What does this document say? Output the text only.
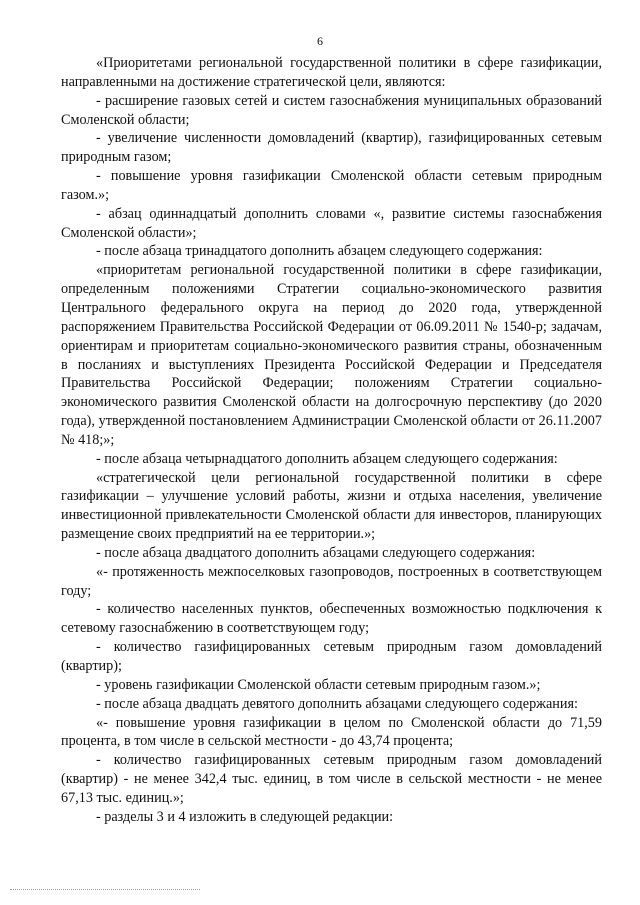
6

«Приоритетами региональной государственной политики в сфере газификации, направленными на достижение стратегической цели, являются:

- расширение газовых сетей и систем газоснабжения муниципальных образований Смоленской области;

- увеличение численности домовладений (квартир), газифицированных сетевым природным газом;

- повышение уровня газификации Смоленской области сетевым природным газом.»;

- абзац одиннадцатый дополнить словами «, развитие системы газоснабжения Смоленской области»;

- после абзаца тринадцатого дополнить абзацем следующего содержания:

«приоритетам региональной государственной политики в сфере газификации, определенным положениями Стратегии социально-экономического развития Центрального федерального округа на период до 2020 года, утвержденной распоряжением Правительства Российской Федерации от 06.09.2011 № 1540-р; задачам, ориентирам и приоритетам социально-экономического развития страны, обозначенным в посланиях и выступлениях Президента Российской Федерации и Председателя Правительства Российской Федерации; положениям Стратегии социально-экономического развития Смоленской области на долгосрочную перспективу (до 2020 года), утвержденной постановлением Администрации Смоленской области от 26.11.2007 № 418;»;

- после абзаца четырнадцатого дополнить абзацем следующего содержания:

«стратегической цели региональной государственной политики в сфере газификации – улучшение условий работы, жизни и отдыха населения, увеличение инвестиционной привлекательности Смоленской области для инвесторов, планирующих размещение своих предприятий на ее территории.»;

- после абзаца двадцатого дополнить абзацами следующего содержания:

«- протяженность межпоселковых газопроводов, построенных в соответствующем году;

- количество населенных пунктов, обеспеченных возможностью подключения к сетевому газоснабжению в соответствующем году;

- количество газифицированных сетевым природным газом домовладений (квартир);

- уровень газификации Смоленской области сетевым природным газом.»;

- после абзаца двадцать девятого дополнить абзацами следующего содержания:

«- повышение уровня газификации в целом по Смоленской области до 71,59 процента, в том числе в сельской местности - до 43,74 процента;

- количество газифицированных сетевым природным газом домовладений (квартир) - не менее 342,4 тыс. единиц, в том числе в сельской местности - не менее 67,13 тыс. единиц.»;

- разделы 3 и 4 изложить в следующей редакции:
